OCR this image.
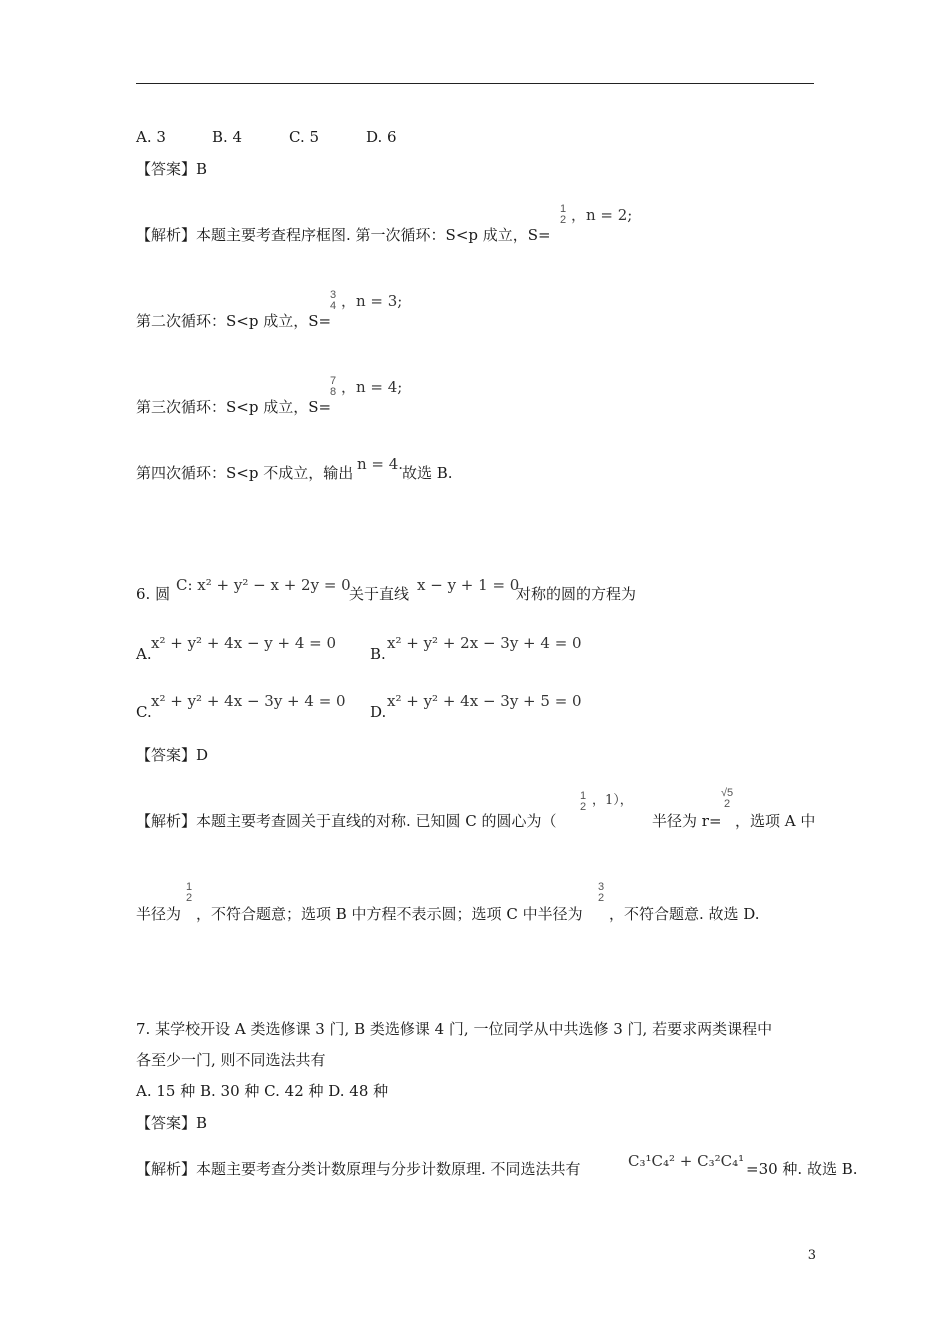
A. 3	B. 4	C. 5	D. 6
【答案】B
【解析】本题主要考查程序框图. 第一次循环：S<p 成立，S=
1
2 ，n = 2;
第二次循环：S<p 成立，S=
3
4 ，n = 3;
第三次循环：S<p 成立，S=
7
8 ，n = 4;
第四次循环：S<p 不成立，输出 n = 4.
故选 B.
6. 圆 C: x² + y² − x + 2y = 0
关于直线 x − y + 1 = 0
对称的圆的方程为
A.
x² + y² + 4x − y + 4 = 0
B.
x² + y² + 2x − 3y + 4 = 0
C.
x² + y² + 4x − 3y + 4 = 0
D.
x² + y² + 4x − 3y + 5 = 0
【答案】D
【解析】本题主要考查圆关于直线的对称. 已知圆 C 的圆心为（
1
2 ，1），
半径为 r=
√5
2
，选项 A 中
半径为
1
2
，不符合题意；选项 B 中方程不表示圆；选项 C 中半径为
3
2
，不符合题意. 故选 D.
7. 某学校开设 A 类选修课 3 门, B 类选修课 4 门, 一位同学从中共选修 3 门, 若要求两类课程中
各至少一门, 则不同选法共有
A. 15 种 B. 30 种 C. 42 种 D. 48 种
【答案】B
【解析】本题主要考查分类计数原理与分步计数原理. 不同选法共有	C₃¹C₄² + C₃²C₄¹ =30 种. 故选 B.
3
